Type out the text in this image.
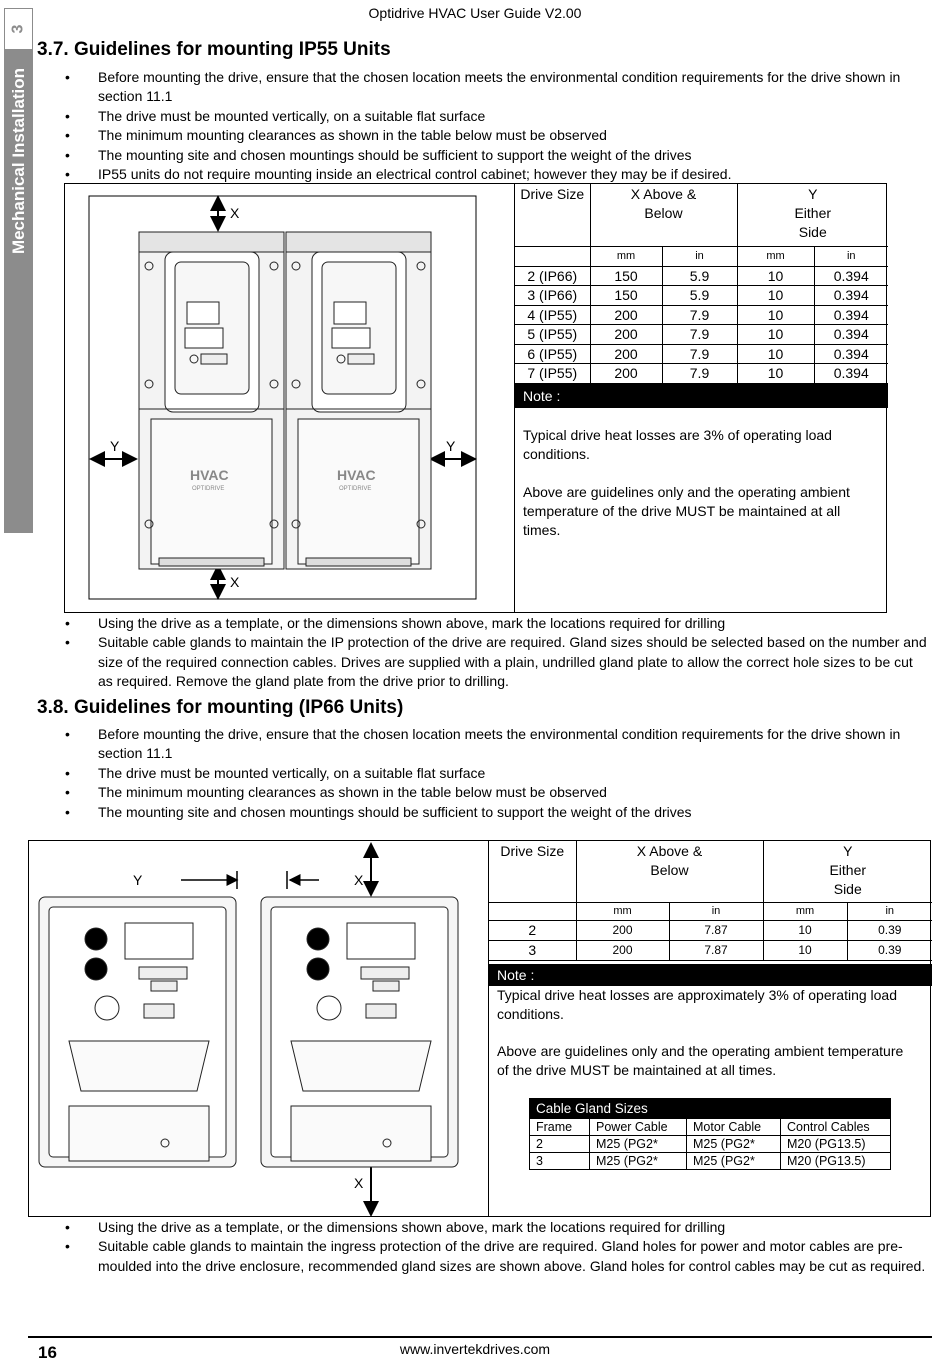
Optidrive HVAC User Guide V2.00
3
Mechanical Installation
3.7. Guidelines for mounting IP55 Units
• Before mounting the drive, ensure that the chosen location meets the environmental condition requirements for the drive shown in section 11.1
• The drive must be mounted vertically, on a suitable flat surface
• The minimum mounting clearances as shown in the table below must be observed
• The mounting site and chosen mountings should be sufficient to support the weight of the drives
• IP55 units do not require mounting inside an electrical control cabinet; however they may be if desired.
X
X
Y	Y
HVAC
OPTIDRIVE
HVAC
OPTIDRIVE
Drive Size	X Above & Below		Y Either Side	
	mm	in	mm	in
2 (IP66)	150	5.9	10	0.394
3 (IP66)	150	5.9	10	0.394
4 (IP55)	200	7.9	10	0.394
5 (IP55)	200	7.9	10	0.394
6 (IP55)	200	7.9	10	0.394
7 (IP55)	200	7.9	10	0.394
Note :
Typical drive heat losses are 3% of operating load conditions.
Above are guidelines only and the operating ambient temperature of the drive MUST be maintained at all times.
• Using the drive as a template, or the dimensions shown above, mark the locations required for drilling
• Suitable cable glands to maintain the IP protection of the drive are required. Gland sizes should be selected based on the number and size of the required connection cables. Drives are supplied with a plain, undrilled gland plate to allow the correct hole sizes to be cut as required. Remove the gland plate from the drive prior to drilling.
3.8. Guidelines for mounting (IP66 Units)
• Before mounting the drive, ensure that the chosen location meets the environmental condition requirements for the drive shown in section 11.1
• The drive must be mounted vertically, on a suitable flat surface
• The minimum mounting clearances as shown in the table below must be observed
• The mounting site and chosen mountings should be sufficient to support the weight of the drives
Y	X
X
Drive Size	X Above & Below		Y Either Side	
	mm	in	mm	in
2	200	7.87	10	0.39
3	200	7.87	10	0.39
Note :
Typical drive heat losses are approximately 3% of operating load conditions.
Above are guidelines only and the operating ambient temperature of the drive MUST be maintained at all times.
Cable Gland Sizes			
Frame	Power Cable	Motor Cable	Control Cables
2	M25 (PG2*	M25 (PG2*	M20 (PG13.5)
3	M25 (PG2*	M25 (PG2*	M20 (PG13.5)
• Using the drive as a template, or the dimensions shown above, mark the locations required for drilling
• Suitable cable glands to maintain the ingress protection of the drive are required. Gland holes for power and motor cables are pre-moulded into the drive enclosure, recommended gland sizes are shown above. Gland holes for control cables may be cut as required.
16	www.invertekdrives.com
